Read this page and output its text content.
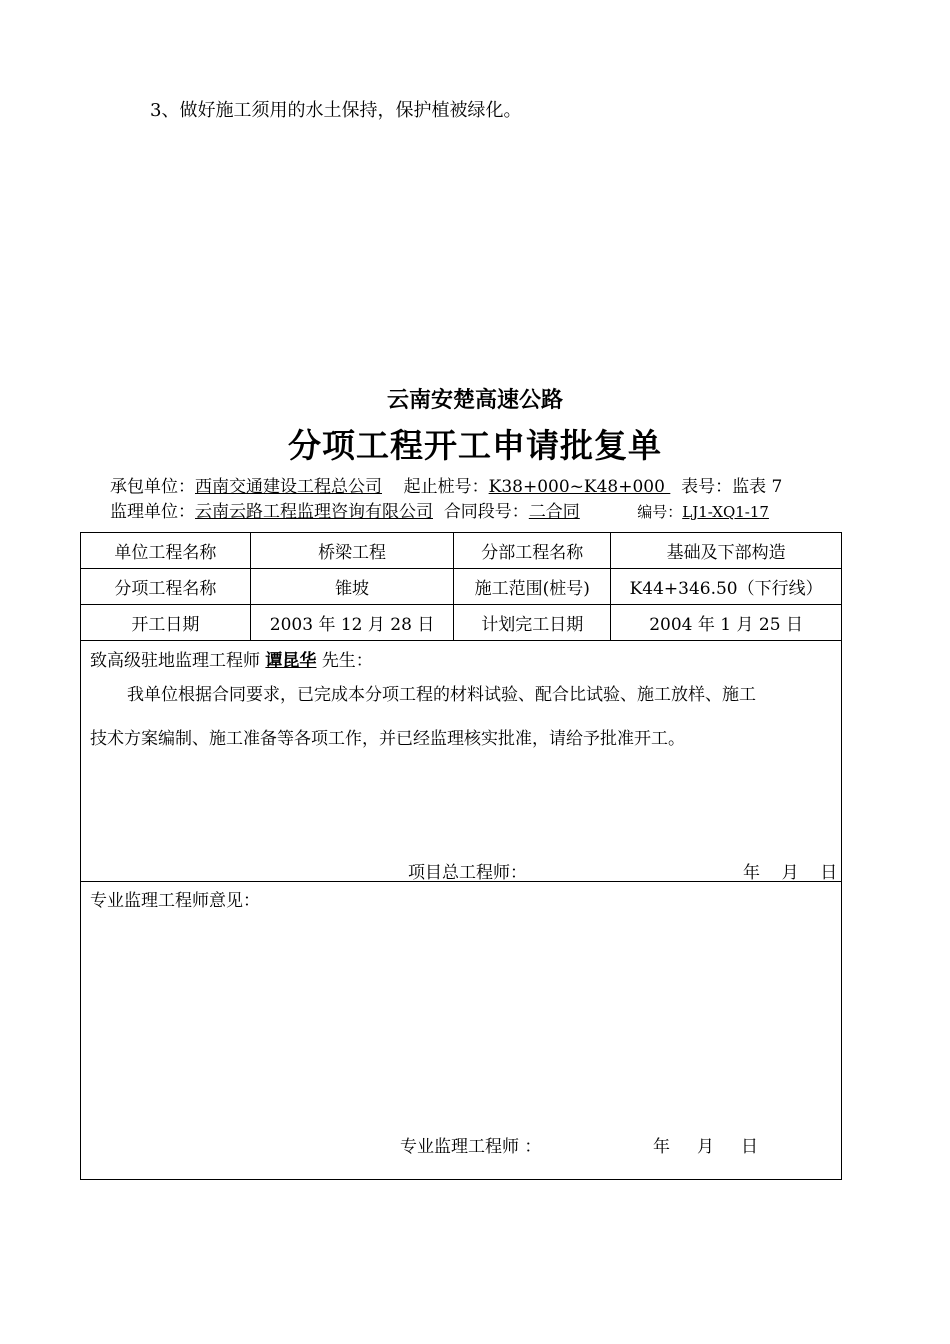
3、做好施工须用的水土保持，保护植被绿化。
云南安楚高速公路
分项工程开工申请批复单
承包单位：西南交通建设工程总公司 起止桩号：K38+000~K48+000   表号：监表 7
监理单位：云南云路工程监理咨询有限公司 合同段号：二合同	编号：LJ1-XQ1-17
单位工程名称	桥梁工程	分部工程名称	基础及下部构造
分项工程名称	锥坡	施工范围(桩号)	K44+346.50（下行线）
开工日期	2003 年 12 月 28 日	计划完工日期	2004 年 1 月 25 日
致高级驻地监理工程师 谭昆华 先生：
我单位根据合同要求，已完成本分项工程的材料试验、配合比试验、施工放样、施工
技术方案编制、施工准备等各项工作，并已经监理核实批准，请给予批准开工。
项目总工程师：	年    月    日
专业监理工程师意见：
专业监理工程师 ：	年     月     日
